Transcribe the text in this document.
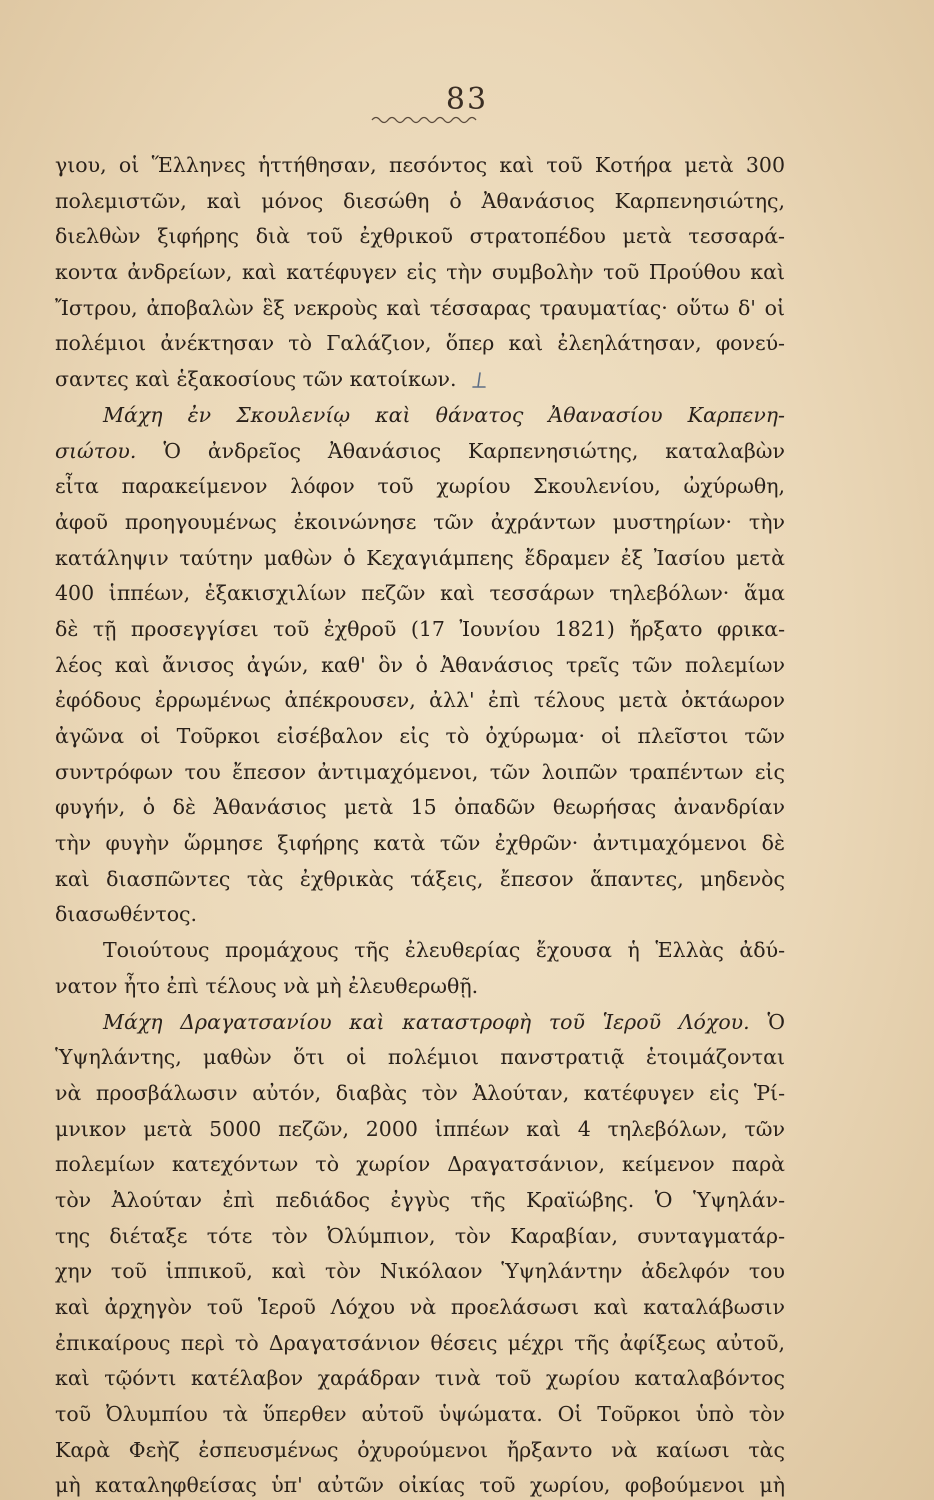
83
γιου, οἱ Ἕλληνες ἡττήθησαν, πεσόντος καὶ τοῦ Κοτήρα μετὰ 300
πολεμιστῶν, καὶ μόνος διεσώθη ὁ Ἀθανάσιος Καρπενησιώτης,
διελθὼν ξιφήρης διὰ τοῦ ἐχθρικοῦ στρατοπέδου μετὰ τεσσαρά-
κοντα ἀνδρείων, καὶ κατέφυγεν εἰς τὴν συμβολὴν τοῦ Προύθου καὶ
Ἴστρου, ἀποβαλὼν ἓξ νεκροὺς καὶ τέσσαρας τραυματίας· οὕτω δ' οἱ
πολέμιοι ἀνέκτησαν τὸ Γαλάζιον, ὅπερ καὶ ἐλεηλάτησαν, φονεύ-
σαντες καὶ ἑξακοσίους τῶν κατοίκων.
Μάχη ἐν Σκουλενίῳ καὶ θάνατος Ἀθανασίου Καρπενη-
σιώτου. Ὁ ἀνδρεῖος Ἀθανάσιος Καρπενησιώτης, καταλαβὼν
εἶτα παρακείμενον λόφον τοῦ χωρίου Σκουλενίου, ὠχύρωθη,
ἀφοῦ προηγουμένως ἐκοινώνησε τῶν ἀχράντων μυστηρίων· τὴν
κατάληψιν ταύτην μαθὼν ὁ Κεχαγιάμπεης ἔδραμεν ἐξ Ἰασίου μετὰ
400 ἱππέων, ἑξακισχιλίων πεζῶν καὶ τεσσάρων τηλεβόλων· ἅμα
δὲ τῇ προσεγγίσει τοῦ ἐχθροῦ (17 Ἰουνίου 1821) ἤρξατο φρικα-
λέος καὶ ἄνισος ἀγών, καθ' ὃν ὁ Ἀθανάσιος τρεῖς τῶν πολεμίων
ἐφόδους ἐρρωμένως ἀπέκρουσεν, ἀλλ' ἐπὶ τέλους μετὰ ὀκτάωρον
ἀγῶνα οἱ Τοῦρκοι εἰσέβαλον εἰς τὸ ὀχύρωμα· οἱ πλεῖστοι τῶν
συντρόφων του ἔπεσον ἀντιμαχόμενοι, τῶν λοιπῶν τραπέντων εἰς
φυγήν, ὁ δὲ Ἀθανάσιος μετὰ 15 ὀπαδῶν θεωρήσας ἀνανδρίαν
τὴν φυγὴν ὥρμησε ξιφήρης κατὰ τῶν ἐχθρῶν· ἀντιμαχόμενοι δὲ
καὶ διασπῶντες τὰς ἐχθρικὰς τάξεις, ἔπεσον ἅπαντες, μηδενὸς
διασωθέντος.
Τοιούτους προμάχους τῆς ἐλευθερίας ἔχουσα ἡ Ἑλλὰς ἀδύ-
νατον ἦτο ἐπὶ τέλους νὰ μὴ ἐλευθερωθῇ.
Μάχη Δραγατσανίου καὶ καταστροφὴ τοῦ Ἱεροῦ Λόχου. Ὁ
Ὑψηλάντης, μαθὼν ὅτι οἱ πολέμιοι πανστρατιᾷ ἑτοιμάζονται
νὰ προσβάλωσιν αὐτόν, διαβὰς τὸν Ἀλούταν, κατέφυγεν εἰς Ῥί-
μνικον μετὰ 5000 πεζῶν, 2000 ἱππέων καὶ 4 τηλεβόλων, τῶν
πολεμίων κατεχόντων τὸ χωρίον Δραγατσάνιον, κείμενον παρὰ
τὸν Ἀλούταν ἐπὶ πεδιάδος ἐγγὺς τῆς Κραϊώβης. Ὁ Ὑψηλάν-
της διέταξε τότε τὸν Ὀλύμπιον, τὸν Καραβίαν, συνταγματάρ-
χην τοῦ ἱππικοῦ, καὶ τὸν Νικόλαον Ὑψηλάντην ἀδελφόν του
καὶ ἀρχηγὸν τοῦ Ἱεροῦ Λόχου νὰ προελάσωσι καὶ καταλάβωσιν
ἐπικαίρους περὶ τὸ Δραγατσάνιον θέσεις μέχρι τῆς ἀφίξεως αὐτοῦ,
καὶ τῷόντι κατέλαβον χαράδραν τινὰ τοῦ χωρίου καταλαβόντος
τοῦ Ὀλυμπίου τὰ ὕπερθεν αὐτοῦ ὑψώματα. Οἱ Τοῦρκοι ὑπὸ τὸν
Καρὰ Φεὴζ ἐσπευσμένως ὀχυρούμενοι ἤρξαντο νὰ καίωσι τὰς
μὴ καταληφθείσας ὑπ' αὐτῶν οἰκίας τοῦ χωρίου, φοβούμενοι μὴ
